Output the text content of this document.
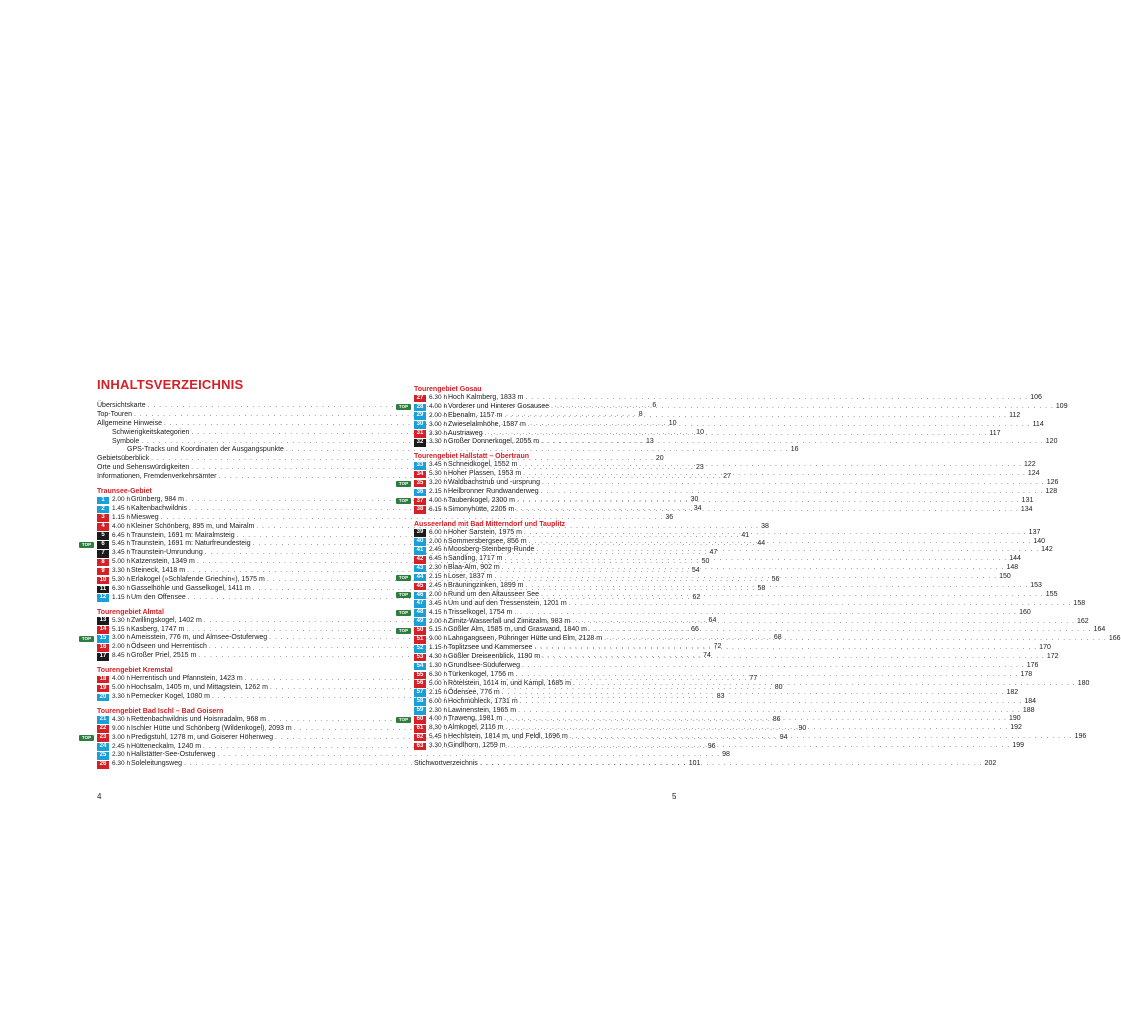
INHALTSVERZEICHNIS
Übersichtskarte . . .	6
Top-Touren . . .	8
Allgemeine Hinweise . . .	10
Schwierigkeitskategorien . . .	10
Symbole . . .	13
GPS-Tracks und Koordinaten der Ausgangspunkte . . .	16
Gebietsüberblick . . .	20
Orte und Sehenswürdigkeiten . . .	23
Informationen, Fremdenverkehrsämter . . .	27
Traunsee-Gebiet
1	2.00 h Grünberg, 984 m . . .	30
2	1.45 h Kaltenbachwildnis . . .	34
3	1.15 h Miesweg . . .	36
4	4.00 h Kleiner Schönberg, 895 m, und Mairalm . . .	38
5	6.45 h Traunstein, 1691 m: Mairalmsteig . . .	41
TOP	6	5.45 h Traunstein, 1691 m: Naturfreundesteig . . .	44
7	3.45 h Traunstein-Umrundung . . .	47
8	5.00 h Katzenstein, 1349 m . . .	50
9	3.30 h Steineck, 1418 m . . .	54
10 5.30 h Erlakogel (»Schlafende Griechin«), 1575 m . . .	56
11 6.30 h Gasselhöhle und Gasselkogel, 1411 m . . .	58
12 1.15 h Um den Offensee . . .	62
Tourengebiet Almtal
13 5.30 h Zwillingskogel, 1402 m . . .	64
14 5.15 h Kasberg, 1747 m . . .	66
TOP	15 3.00 h Ameisstein, 776 m, und Almsee-Ostuferweg . . .	68
16 2.00 h Ödseen und Herrentisch . . .	72
17 8.45 h Großer Priel, 2515 m . . .	74
Tourengebiet Kremstal
18 4.00 h Herrentisch und Pfannstein, 1423 m . . .	77
19 5.00 h Hochsalm, 1405 m, und Mittagstein, 1262 m . . .	80
20 3.30 h Pernecker Kogel, 1080 m . . .	83
Tourengebiet Bad Ischl – Bad Goisern
21 4.30 h Rettenbachwildnis und Hoisnradalm, 968 m . . .	86
22 9.00 h Ischler Hütte und Schönberg (Wildenkogel), 2093 m . . .	90
TOP	23 3.00 h Predigstuhl, 1278 m, und Goiserer Höhenweg . . .	94
24 2.45 h Hütteneckalm, 1240 m . . .	96
25 2.30 h Hallstätter-See-Ostuferweg . . .	98
26 6.30 h Soleleitungsweg . . .	101
Tourengebiet Gosau
27 6.30 h Hoch Kalmberg, 1833 m . . .	106
TOP	28 4.00 h Vorderer und Hinterer Gosausee . . .	109
29 2.00 h Ebenalm, 1157 m . . .	112
30 3.00 h Zwieselalmhöhe, 1587 m . . .	114
31 3.30 h Austriaweg . . .	117
32 3.30 h Großer Donnerkogel, 2055 m . . .	120
Tourengebiet Hallstatt – Obertraun
33 3.45 h Schneidkogel, 1552 m . . .	122
34 5.30 h Hoher Plassen, 1953 m . . .	124
TOP	35 3.20 h Waldbachstrub und -ursprung . . .	126
36 2.15 h Heilbronner Rundwanderweg . . .	128
TOP	37 4.00 h Taubenkogel, 2300 m . . .	131
38 6.15 h Simonyhütte, 2205 m . . .	134
Ausseerland mit Bad Mitterndorf und Tauplitz
39 6.00 h Hoher Sarstein, 1975 m . . .	137
40 2.00 h Sommersbergsee, 856 m . . .	140
41 2.45 h Moosberg-Steinberg-Runde . . .	142
42 6.45 h Sandling, 1717 m . . .	144
43 2.30 h Blaa-Alm, 902 m . . .	148
TOP	44 2.15 h Loser, 1837 m . . .	150
45 2.45 h Bräuningzinken, 1899 m . . .	153
TOP	46 2.00 h Rund um den Altausseer See . . .	155
47 3.45 h Um und auf den Tressenstein, 1201 m . . .	158
TOP	48 4.15 h Trisselkogel, 1754 m . . .	160
49 2.00 h Zimitz-Wasserfall und Zimitzalm, 983 m . . .	162
TOP	50 5.15 h Gößler Alm, 1585 m, und Graswand, 1840 m . . .	164
51 9.00 h Lahngangseen, Pühringer Hütte und Elm, 2128 m . . .	166
52 1.15 h Toplitzsee und Kammersee . . .	170
53 4.30 h Gößler Dreiseenblick, 1190 m . . .	172
54 1.30 h Grundlsee-Süduferweg . . .	176
55 6.30 h Türkenkogel, 1756 m . . .	178
56 5.00 h Rötelstein, 1614 m, und Kampl, 1685 m . . .	180
57 2.15 h Ödensee, 776 m . . .	182
58 6.00 h Hochmühleck, 1731 m . . .	184
59 2.30 h Lawinenstein, 1965 m . . .	188
TOP	60 4.00 h Traweng, 1981 m . . .	190
61 8.30 h Almkogel, 2116 m . . .	192
62 5.45 h Hechlstein, 1814 m, und Feldl, 1696 m . . .	196
63 3.30 h Gindlhorn, 1259 m . . .	199
Stichwortverzeichnis . . .	202
4	5
